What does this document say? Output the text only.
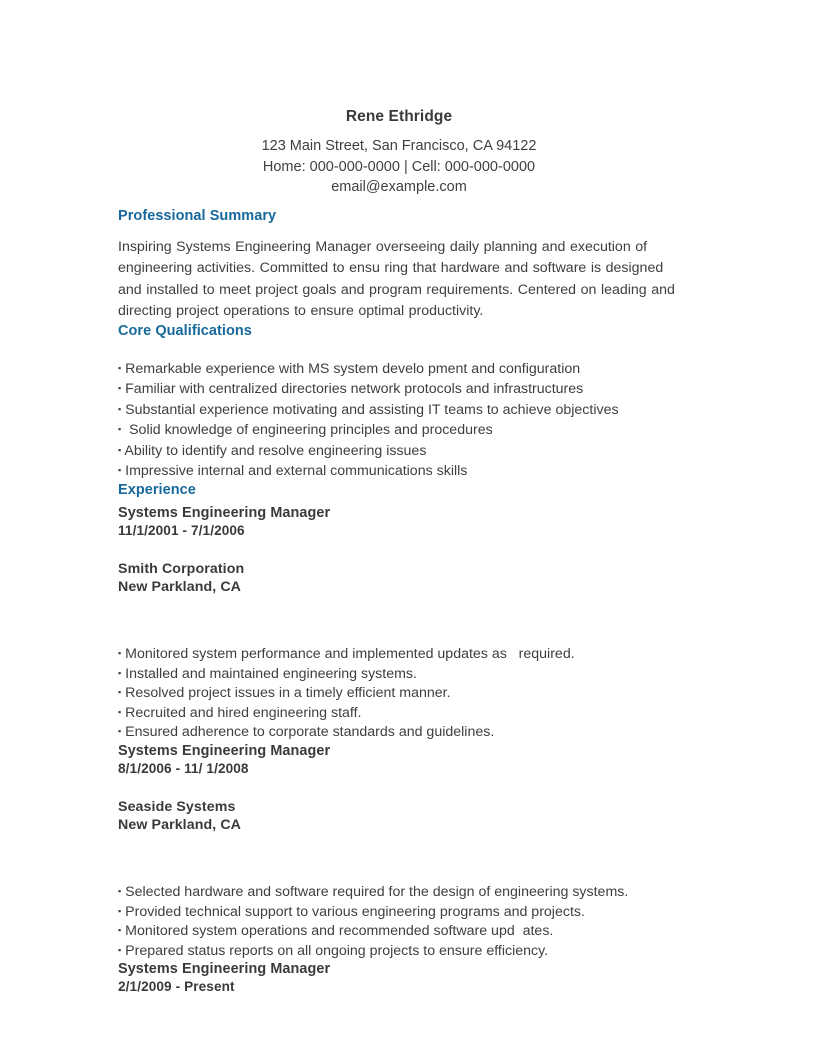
Rene Ethridge
123 Main Street, San Francisco, CA 94122
Home: 000-000-0000 | Cell: 000-000-0000
email@example.com
Professional Summary
Inspiring Systems Engineering Manager overseeing daily planning and execution of engineering activities. Committed to ensu ring that hardware and software is designed and installed to meet project goals and program requirements. Centered on leading and directing project operations to ensure optimal productivity.
Core Qualifications
▪ Remarkable experience with MS system develo pment and configuration
▪ Familiar with centralized directories network protocols and infrastructures
▪ Substantial experience motivating and assisting IT teams to achieve objectives
▪  Solid knowledge of engineering principles and procedures
▪ Ability to identify and resolve engineering issues
▪ Impressive internal and external communications skills
Experience
Systems Engineering Manager
11/1/2001 - 7/1/2006
Smith Corporation
New Parkland, CA
▪ Monitored system performance and implemented updates as   required.
▪ Installed and maintained engineering systems.
▪ Resolved project issues in a timely efficient manner.
▪ Recruited and hired engineering staff.
▪ Ensured adherence to corporate standards and guidelines.
Systems Engineering Manager
8/1/2006 - 11/ 1/2008
Seaside Systems
New Parkland, CA
▪ Selected hardware and software required for the design of engineering systems.
▪ Provided technical support to various engineering programs and projects.
▪ Monitored system operations and recommended software upd  ates.
▪ Prepared status reports on all ongoing projects to ensure efficiency.
Systems Engineering Manager
2/1/2009 - Present
